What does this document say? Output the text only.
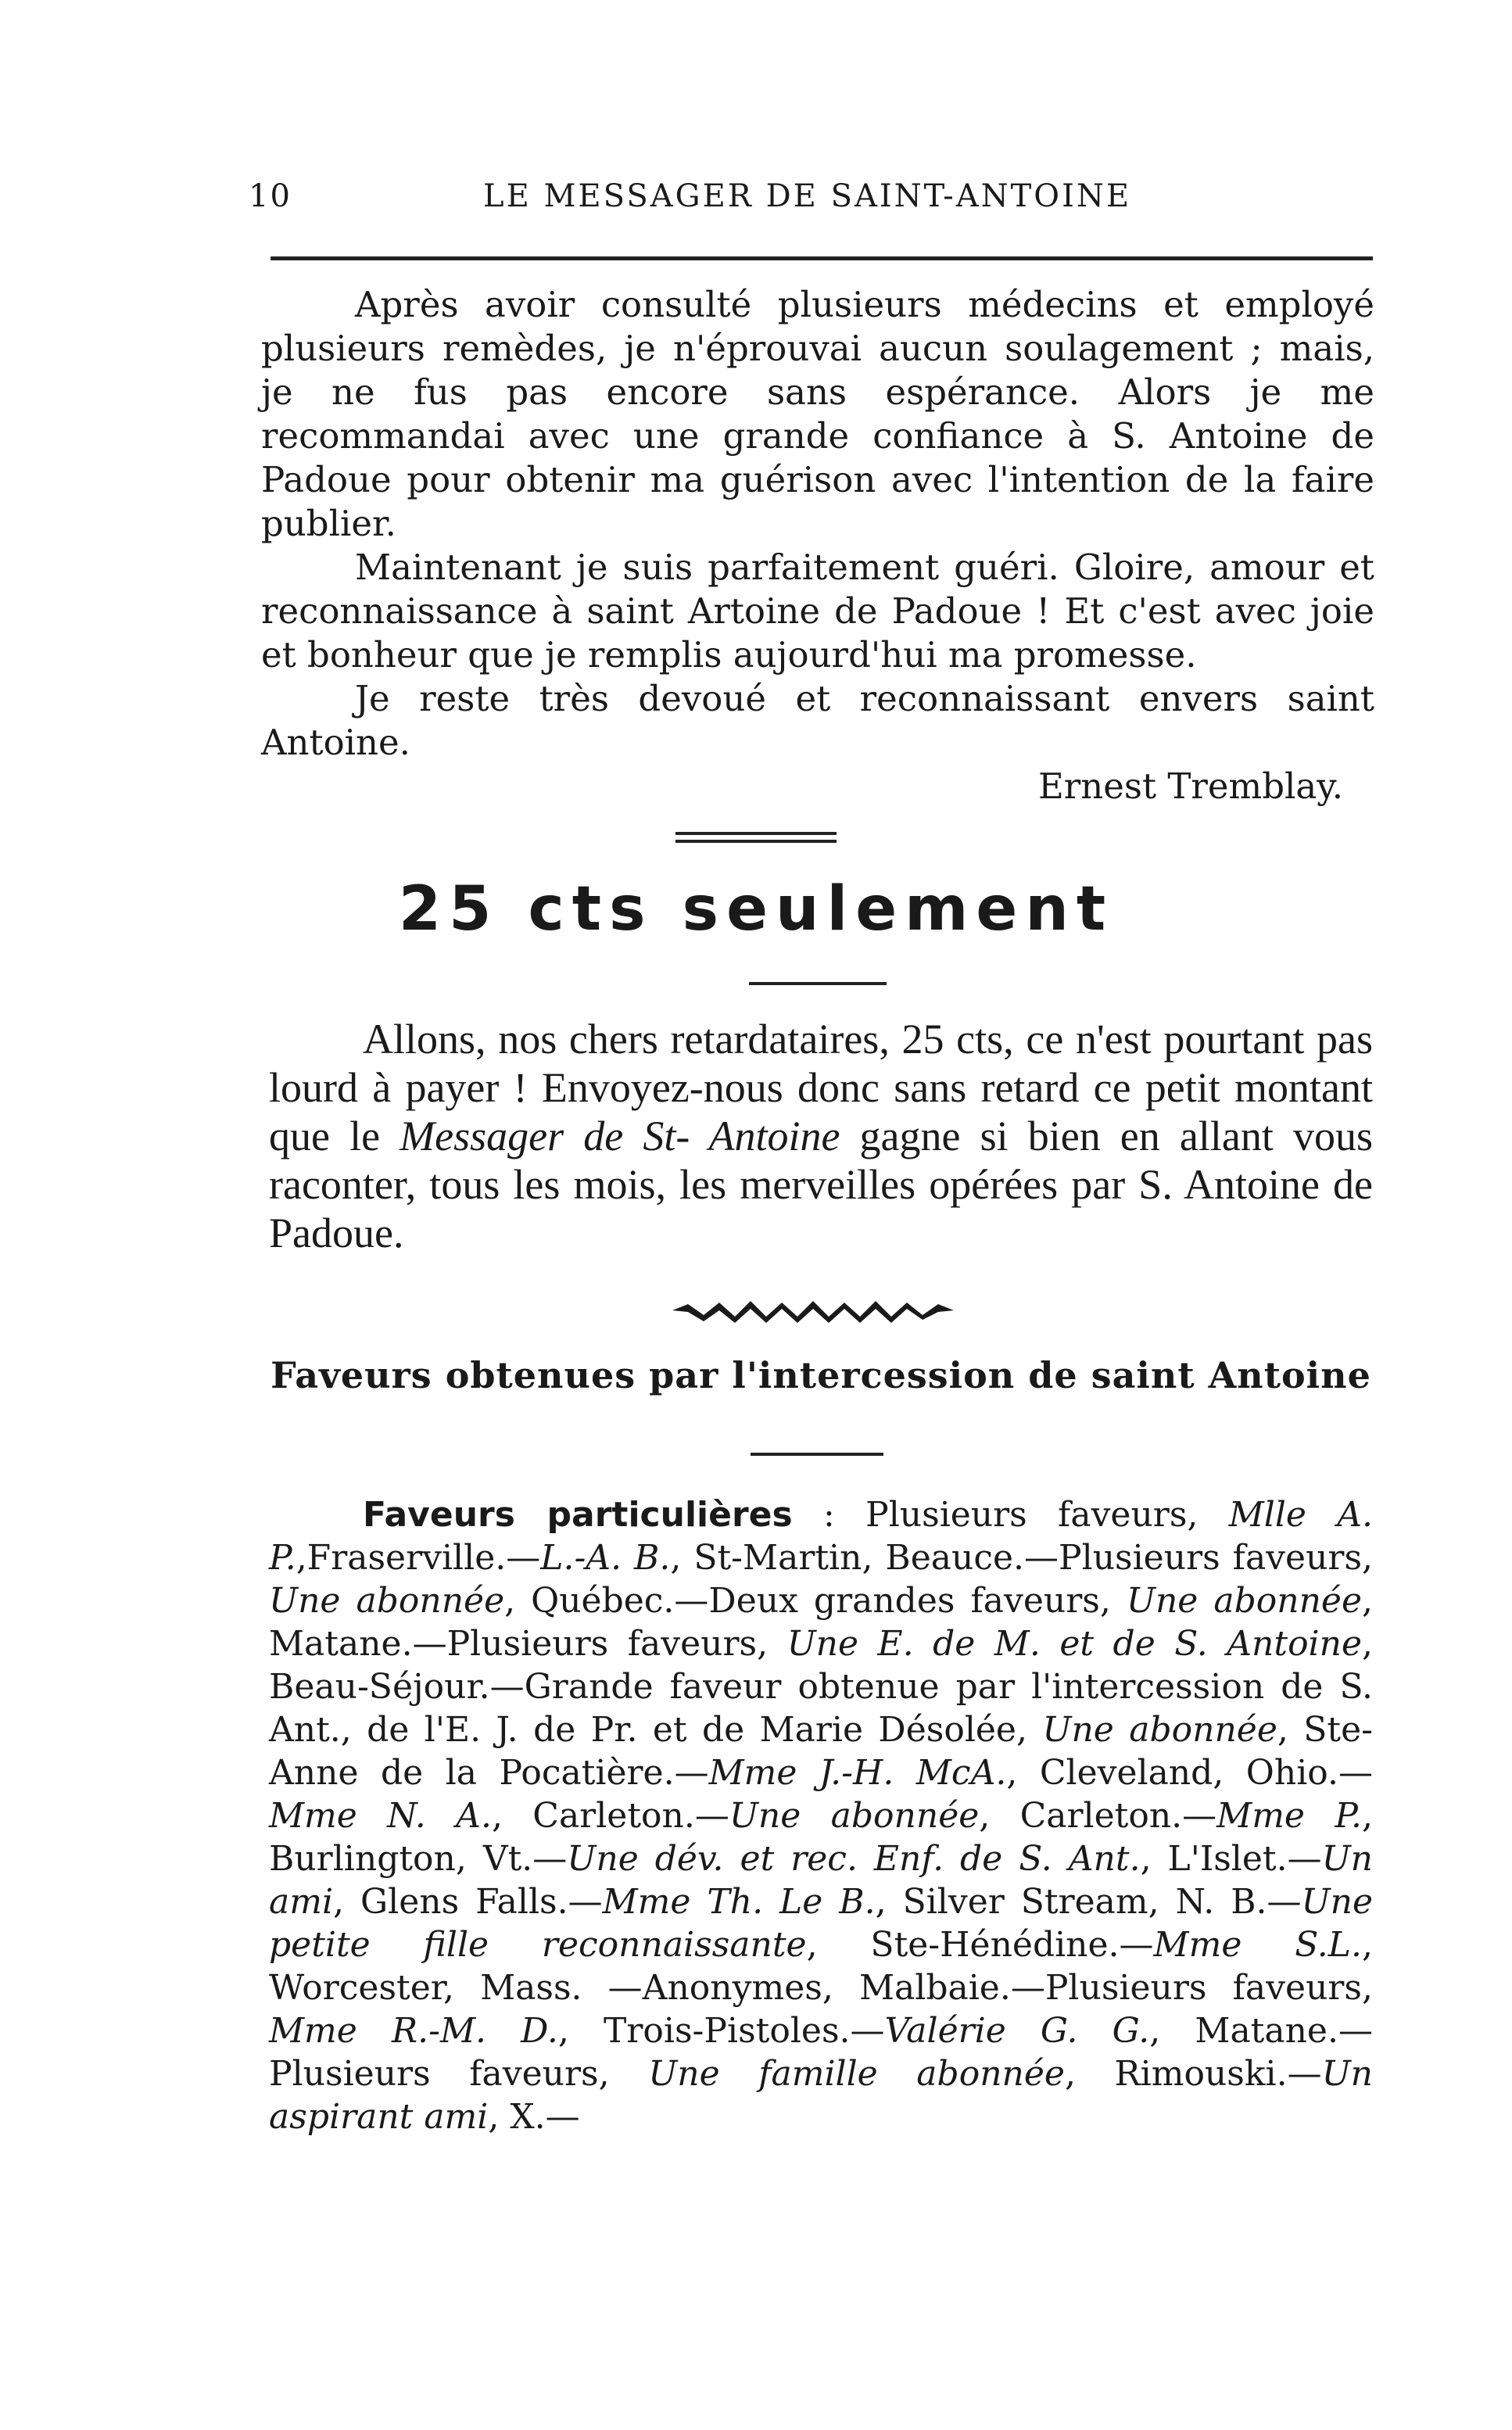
10	LE MESSAGER DE SAINT-ANTOINE

Après avoir consulté plusieurs médecins et employé plusieurs remèdes, je n'éprouvai aucun soulagement ; mais, je ne fus pas encore sans espérance. Alors je me recommandai avec une grande confiance à S. Antoine de Padoue pour obtenir ma guérison avec l'intention de la faire publier.

Maintenant je suis parfaitement guéri. Gloire, amour et reconnaissance à saint Artoine de Padoue ! Et c'est avec joie et bonheur que je remplis aujourd'hui ma promesse.

Je reste très devoué et reconnaissant envers saint Antoine.

Ernest Tremblay.
25 cts seulement

Allons, nos chers retardataires, 25 cts, ce n'est pourtant pas lourd à payer ! Envoyez-nous donc sans retard ce petit montant que le Messager de St- Antoine gagne si bien en allant vous raconter, tous les mois, les merveilles opérées par S. Antoine de Padoue.

Faveurs obtenues par l'intercession de saint Antoine

Faveurs particulières : Plusieurs faveurs, Mlle A. P.,Fraserville.—L.-A. B., St-Martin, Beauce.—Plusieurs faveurs, Une abonnée, Québec.—Deux grandes faveurs, Une abonnée, Matane.—Plusieurs faveurs, Une E. de M. et de S. Antoine, Beau-Séjour.—Grande faveur obtenue par l'intercession de S. Ant., de l'E. J. de Pr. et de Marie Désolée, Une abonnée, Ste-Anne de la Pocatière.—Mme J.-H. McA., Cleveland, Ohio.—Mme N. A., Carleton.—Une abonnée, Carleton.—Mme P., Burlington, Vt.—Une dév. et rec. Enf. de S. Ant., L'Islet.—Un ami, Glens Falls.—Mme Th. Le B., Silver Stream, N. B.—Une petite fille reconnaissante, Ste-Hénédine.—Mme S.L., Worcester, Mass. —Anonymes, Malbaie.—Plusieurs faveurs, Mme R.-M. D., Trois-Pistoles.—Valérie G. G., Matane.—Plusieurs faveurs, Une famille abonnée, Rimouski.—Un aspirant ami, X.—
